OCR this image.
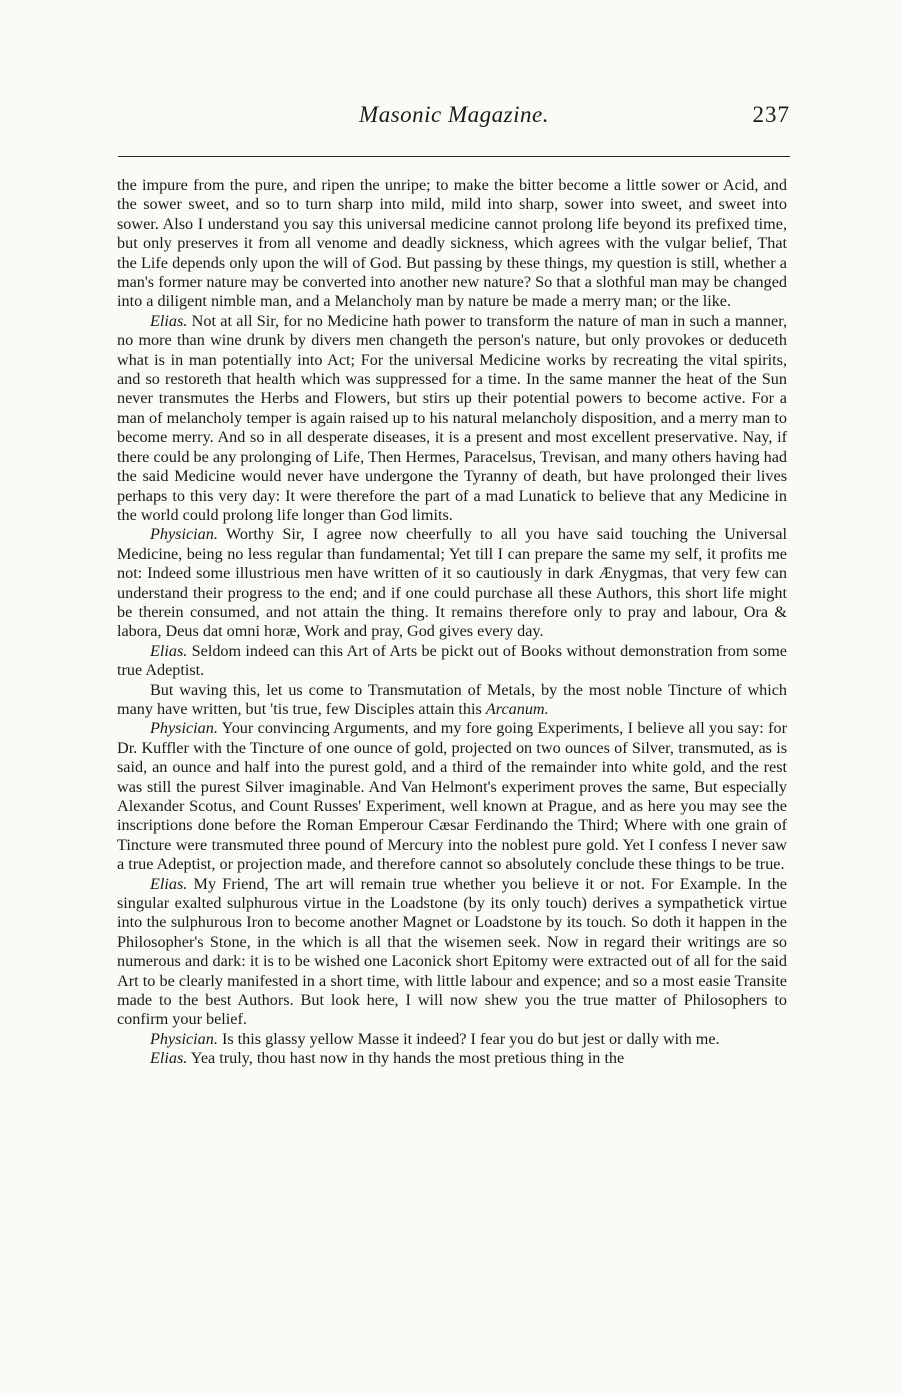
Masonic Magazine.	237

the impure from the pure, and ripen the unripe; to make the bitter become a little sower or Acid, and the sower sweet, and so to turn sharp into mild, mild into sharp, sower into sweet, and sweet into sower. Also I understand you say this universal medicine cannot prolong life beyond its prefixed time, but only preserves it from all venome and deadly sickness, which agrees with the vulgar belief, That the Life depends only upon the will of God. But passing by these things, my question is still, whether a man's former nature may be converted into another new nature? So that a slothful man may be changed into a diligent nimble man, and a Melancholy man by nature be made a merry man; or the like.

Elias. Not at all Sir, for no Medicine hath power to transform the nature of man in such a manner, no more than wine drunk by divers men changeth the person's nature, but only provokes or deduceth what is in man potentially into Act; For the universal Medicine works by recreating the vital spirits, and so restoreth that health which was suppressed for a time. In the same manner the heat of the Sun never transmutes the Herbs and Flowers, but stirs up their potential powers to become active. For a man of melancholy temper is again raised up to his natural melancholy disposition, and a merry man to become merry. And so in all desperate diseases, it is a present and most excellent preservative. Nay, if there could be any prolonging of Life, Then Hermes, Paracelsus, Trevisan, and many others having had the said Medicine would never have undergone the Tyranny of death, but have prolonged their lives perhaps to this very day: It were therefore the part of a mad Lunatick to believe that any Medicine in the world could prolong life longer than God limits.

Physician. Worthy Sir, I agree now cheerfully to all you have said touching the Universal Medicine, being no less regular than fundamental; Yet till I can prepare the same my self, it profits me not: Indeed some illustrious men have written of it so cautiously in dark Ænygmas, that very few can understand their progress to the end; and if one could purchase all these Authors, this short life might be therein consumed, and not attain the thing. It remains therefore only to pray and labour, Ora & labora, Deus dat omni horæ, Work and pray, God gives every day.

Elias. Seldom indeed can this Art of Arts be pickt out of Books without demonstration from some true Adeptist.

But waving this, let us come to Transmutation of Metals, by the most noble Tincture of which many have written, but 'tis true, few Disciples attain this Arcanum.

Physician. Your convincing Arguments, and my fore going Experiments, I believe all you say: for Dr. Kuffler with the Tincture of one ounce of gold, projected on two ounces of Silver, transmuted, as is said, an ounce and half into the purest gold, and a third of the remainder into white gold, and the rest was still the purest Silver imaginable. And Van Helmont's experiment proves the same, But especially Alexander Scotus, and Count Russes' Experiment, well known at Prague, and as here you may see the inscriptions done before the Roman Emperour Cæsar Ferdinando the Third; Where with one grain of Tincture were transmuted three pound of Mercury into the noblest pure gold. Yet I confess I never saw a true Adeptist, or projection made, and therefore cannot so absolutely conclude these things to be true.

Elias. My Friend, The art will remain true whether you believe it or not. For Example. In the singular exalted sulphurous virtue in the Loadstone (by its only touch) derives a sympathetick virtue into the sulphurous Iron to become another Magnet or Loadstone by its touch. So doth it happen in the Philosopher's Stone, in the which is all that the wisemen seek. Now in regard their writings are so numerous and dark: it is to be wished one Laconick short Epitomy were extracted out of all for the said Art to be clearly manifested in a short time, with little labour and expence; and so a most easie Transite made to the best Authors. But look here, I will now shew you the true matter of Philosophers to confirm your belief.

Physician. Is this glassy yellow Masse it indeed? I fear you do but jest or dally with me.

Elias. Yea truly, thou hast now in thy hands the most pretious thing in the
